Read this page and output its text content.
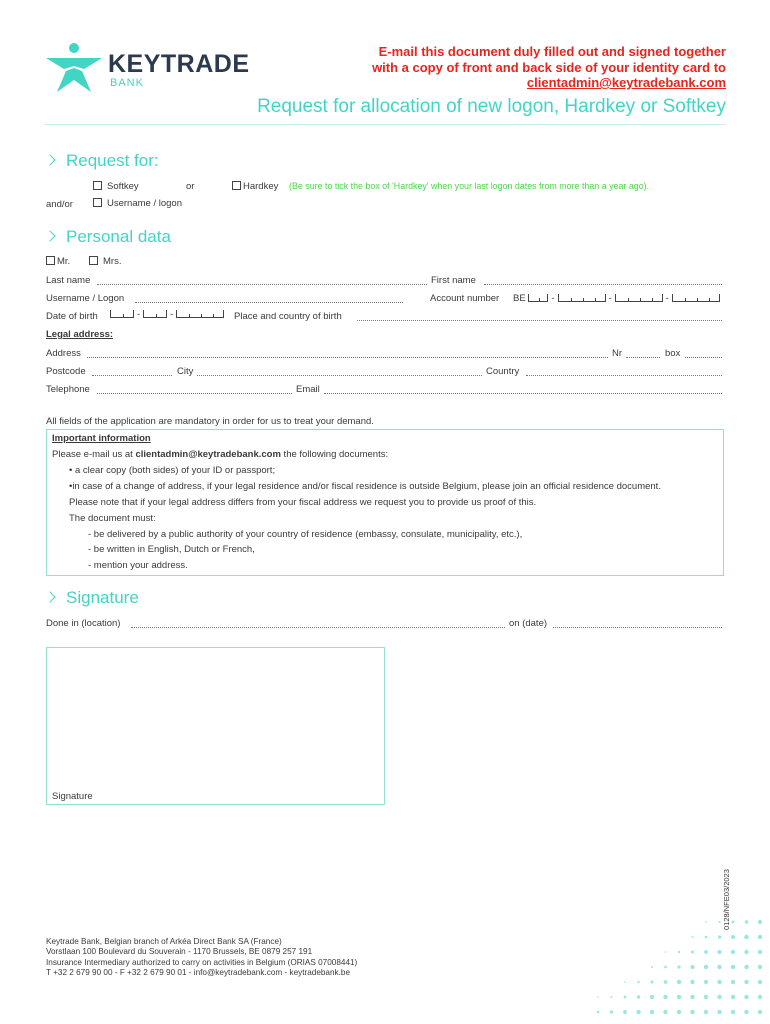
KEYTRADE
BANK
E-mail this document duly filled out and signed together
with a copy of front and back side of your identity card to
clientadmin@keytradebank.com
Request for allocation of new logon, Hardkey or Softkey
Request for:
Softkey	or	Hardkey (Be sure to tick the box of 'Hardkey' when your last logon dates from more than a year ago).
and/or	Username / logon
Personal data
Mr.	Mrs.
Last name	First name
Username / Logon	Account number BE	-	-	-
Date of birth	-	-	Place and country of birth
Legal address:
Address	Nr	box
Postcode	City	Country
Telephone	Email
All fields of the application are mandatory in order for us to treat your demand.
Important information
Please e-mail us at clientadmin@keytradebank.com the following documents:
• a clear copy (both sides) of your ID or passport;
•in case of a change of address, if your legal residence and/or fiscal residence is outside Belgium, please join an official residence document.
Please note that if your legal address differs from your fiscal address we request you to provide us proof of this.
The document must:
- be delivered by a public authority of your country of residence (embassy, consulate, municipality, etc.),
- be written in English, Dutch or French,
- mention your address.
Signature
Done in (location)	on (date)
Signature
0128/NFE03/2023
Keytrade Bank, Belgian branch of Arkéa Direct Bank SA (France)
Vorstlaan 100 Boulevard du Souverain - 1170 Brussels, BE 0879 257 191
Insurance Intermediary authorized to carry on activities in Belgium (ORIAS 07008441)
T +32 2 679 90 00 - F +32 2 679 90 01 - info@keytradebank.com - keytradebank.be
